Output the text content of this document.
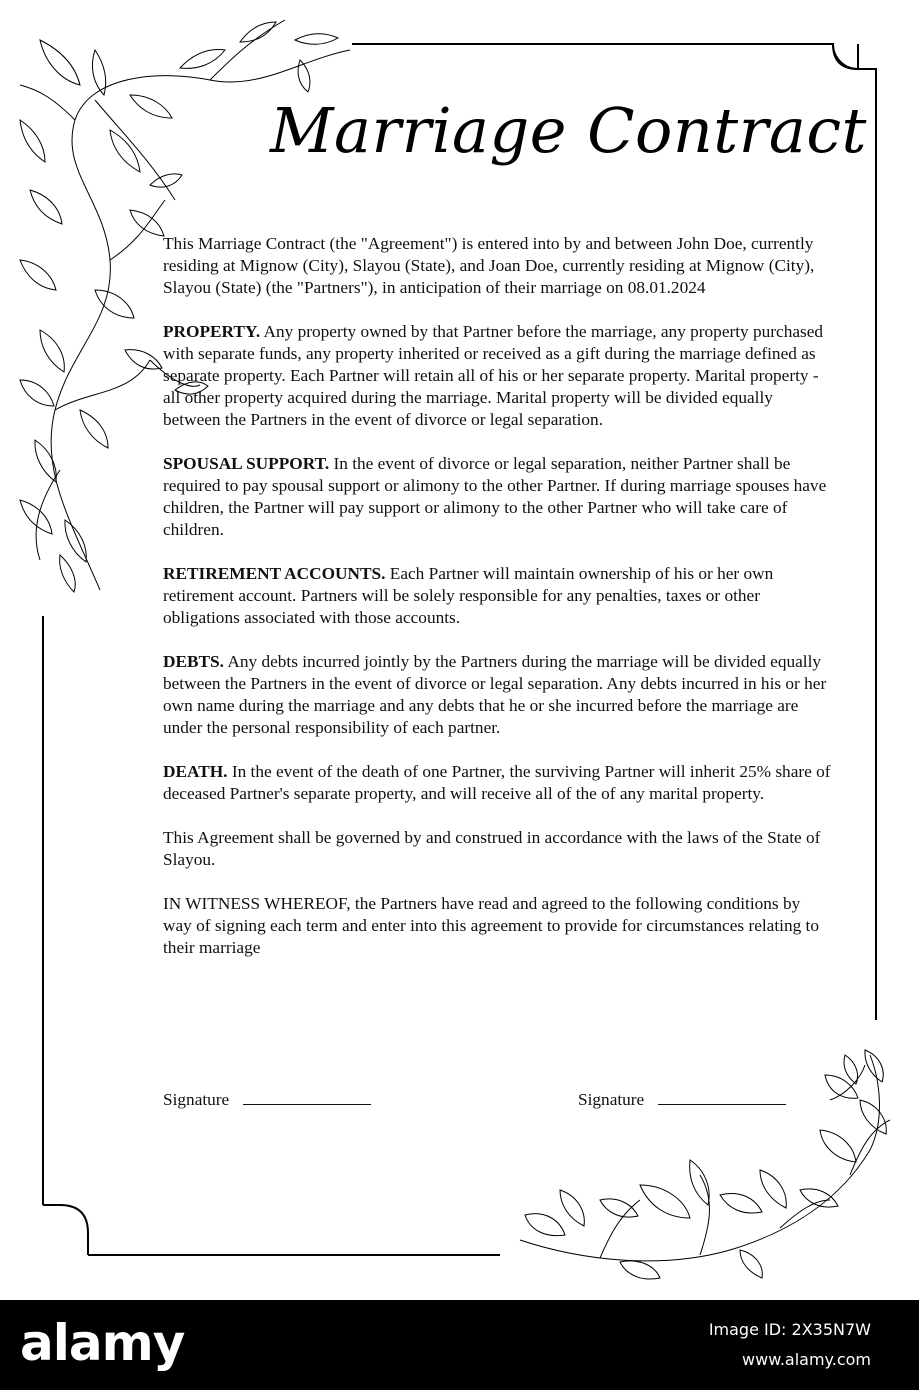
Marriage Contract

This Marriage Contract (the "Agreement") is entered into by and between John Doe, currently residing at Mignow (City), Slayou (State), and Joan Doe, currently residing at Mignow (City), Slayou (State) (the "Partners"), in anticipation of their marriage on 08.01.2024

PROPERTY. Any property owned by that Partner before the marriage, any property purchased with separate funds, any property inherited or received as a gift during the marriage defined as separate property. Each Partner will retain all of his or her separate property. Marital property - all other property acquired during the marriage. Marital property will be divided equally between the Partners in the event of divorce or legal separation.

SPOUSAL SUPPORT. In the event of divorce or legal separation, neither Partner shall be required to pay spousal support or alimony to the other Partner. If during marriage spouses have children, the Partner will pay support or alimony to the other Partner who will take care of children.

RETIREMENT ACCOUNTS. Each Partner will maintain ownership of his or her own retirement account. Partners will be solely responsible for any penalties, taxes or other obligations associated with those accounts.

DEBTS. Any debts incurred jointly by the Partners during the marriage will be divided equally between the Partners in the event of divorce or legal separation. Any debts incurred in his or her own name during the marriage and any debts that he or she incurred before the marriage are under the personal responsibility of each partner.

DEATH. In the event of the death of one Partner, the surviving Partner will inherit 25% share of deceased Partner's separate property, and will receive all of the of any marital property.

This Agreement shall be governed by and construed in accordance with the laws of the State of Slayou.

IN WITNESS WHEREOF, the Partners have read and agreed to the following conditions by way of signing each term and enter into this agreement to provide for circumstances relating to their marriage

Signature	Signature
alamy	Image ID: 2X35N7W
www.alamy.com
